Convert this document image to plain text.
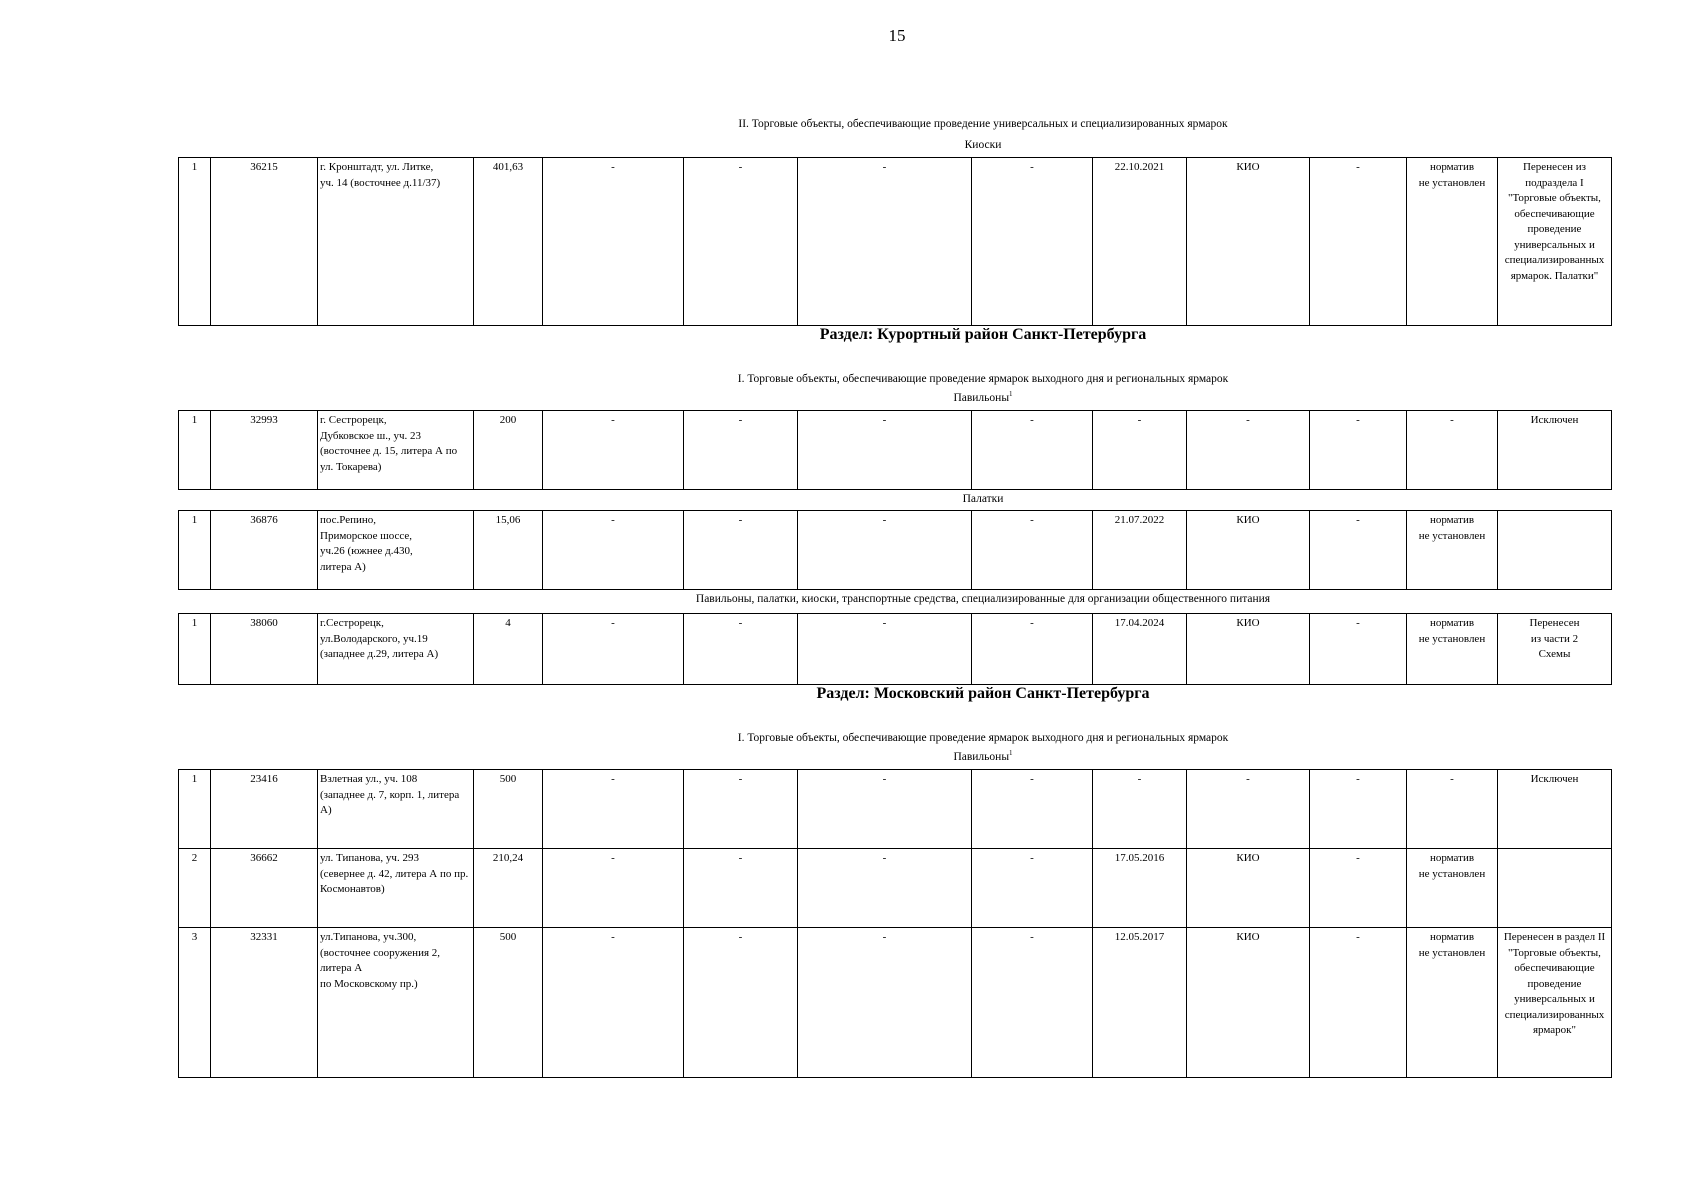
15
II. Торговые объекты, обеспечивающие проведение универсальных и специализированных ярмарок
Киоски
1	36215	г. Кронштадт, ул. Литке,
уч. 14 (восточнее д.11/37)	401,63	-	-	-	-	22.10.2021	КИО	-	норматив
не установлен	Перенесен из подраздела I "Торговые объекты, обеспечивающие проведение универсальных и специализированных ярмарок. Палатки"
Раздел: Курортный район Санкт-Петербурга
I. Торговые объекты, обеспечивающие проведение ярмарок выходного дня и региональных ярмарок
Павильоны$^1$
1	32993	г. Сестрорецк,
Дубковское ш., уч. 23
(восточнее д. 15, литера А по ул. Токарева)	200	-	-	-	-	-	-	-	-	Исключен
Палатки
1	36876	пос.Репино,
Приморское шоссе,
уч.26 (южнее д.430,
литера А)	15,06	-	-	-	-	21.07.2022	КИО	-	норматив
не установлен	
Павильоны, палатки, киоски, транспортные средства, специализированные для организации общественного питания
1	38060	г.Сестрорецк,
ул.Володарского, уч.19
(западнее д.29, литера А)	4	-	-	-	-	17.04.2024	КИО	-	норматив
не установлен	Перенесен
из части 2
Схемы
Раздел: Московский район Санкт-Петербурга
I. Торговые объекты, обеспечивающие проведение ярмарок выходного дня и региональных ярмарок
Павильоны$^1$
1	23416	Взлетная ул., уч. 108
(западнее д. 7, корп. 1, литера А)	500	-	-	-	-	-	-	-	-	Исключен
2	36662	ул. Типанова, уч. 293
(севернее д. 42, литера А по пр. Космонавтов)	210,24	-	-	-	-	17.05.2016	КИО	-	норматив
не установлен	
3	32331	ул.Типанова, уч.300,
(восточнее сооружения 2,
литера А
по Московскому пр.)	500	-	-	-	-	12.05.2017	КИО	-	норматив
не установлен	Перенесен в раздел II "Торговые объекты, обеспечивающие проведение универсальных и специализированных ярмарок"
